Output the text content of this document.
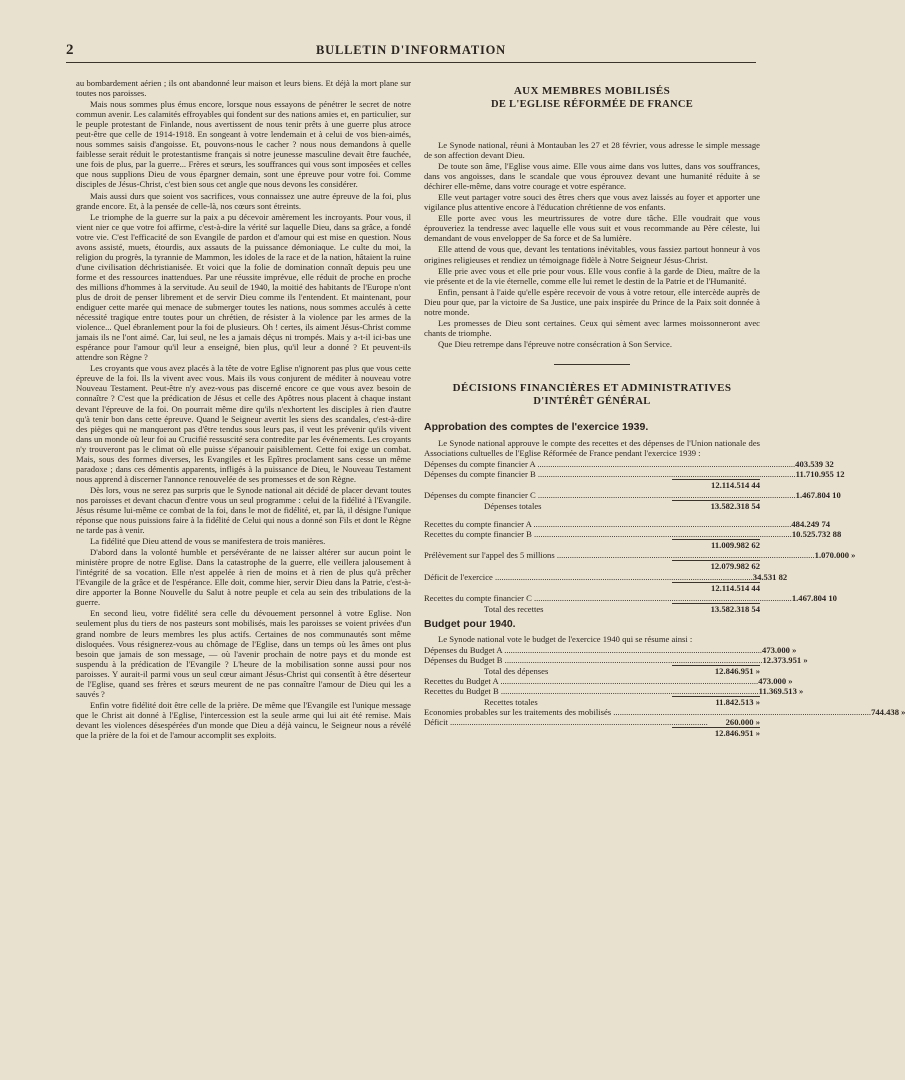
2	BULLETIN D'INFORMATION

au bombardement aérien ; ils ont abandonné leur maison et leurs biens. Et déjà la mort plane sur toutes nos paroisses.

Mais nous sommes plus émus encore, lorsque nous essayons de pénétrer le secret de notre commun avenir. Les calamités effroyables qui fondent sur des nations amies et, en particulier, sur le peuple protestant de Finlande, nous avertissent de nous tenir prêts à une guerre plus atroce peut-être que celle de 1914-1918. En songeant à votre lendemain et à celui de vos bien-aimés, nous sommes saisis d'angoisse. Et, pouvons-nous le cacher ? nous nous demandons à quelle faiblesse serait réduit le protestantisme français si notre jeunesse masculine devait être fauchée, une fois de plus, par la guerre... Frères et sœurs, les souffrances qui vous sont imposées et celles que nous supplions Dieu de vous épargner demain, sont une épreuve pour votre foi. Comme disciples de Jésus-Christ, c'est bien sous cet angle que nous devons les considérer.

Mais aussi durs que soient vos sacrifices, vous connaissez une autre épreuve de la foi, plus grande encore. Et, à la pensée de celle-là, nos cœurs sont étreints.

Le triomphe de la guerre sur la paix a pu décevoir amèrement les incroyants. Pour vous, il vient nier ce que votre foi affirme, c'est-à-dire la vérité sur laquelle Dieu, dans sa grâce, a fondé votre vie. C'est l'efficacité de son Evangile de pardon et d'amour qui est mise en question. Nous avons assisté, muets, étourdis, aux assauts de la puissance démoniaque. Le culte du moi, la religion du progrès, la tyrannie de Mammon, les idoles de la race et de la nation, hâtaient la ruine d'une civilisation déchristianisée. Et voici que la folie de domination connaît depuis peu une forme et des ressources inattendues. Par une réussite imprévue, elle réduit de proche en proche des millions d'hommes à la servitude. Au seuil de 1940, la moitié des habitants de l'Europe n'ont plus de droit de penser librement et de servir Dieu comme ils l'entendent. Et maintenant, pour endiguer cette marée qui menace de submerger toutes les nations, nous sommes acculés à cette nécessité tragique entre toutes pour un chrétien, de résister à la violence par les armes de la violence... Quel ébranlement pour la foi de plusieurs. Oh ! certes, ils aiment Jésus-Christ comme jamais ils ne l'ont aimé. Car, lui seul, ne les a jamais déçus ni trompés. Mais y a-t-il ici-bas une espérance pour l'amour qu'il leur a enseigné, bien plus, qu'il leur a donné ? Et peuvent-ils attendre son Règne ?

Les croyants que vous avez placés à la tête de votre Eglise n'ignorent pas plus que vous cette épreuve de la foi. Ils la vivent avec vous. Mais ils vous conjurent de méditer à nouveau votre Nouveau Testament. Peut-être n'y avez-vous pas discerné encore ce que vous avez besoin de connaître ? C'est que la prédication de Jésus et celle des Apôtres nous placent à chaque instant devant l'épreuve de la foi. On pourrait même dire qu'ils n'exhortent les disciples à rien d'autre qu'à tenir bon dans cette épreuve. Quand le Seigneur avertit les siens des scandales, c'est-à-dire des pièges qui ne manqueront pas d'être tendus sous leurs pas, il veut les prévenir qu'ils vivent dans un monde où leur foi au Crucifié ressuscité sera contredite par les événements. Les croyants n'y trouveront pas le climat où elle puisse s'épanouir paisiblement. Cette foi exige un combat. Mais, sous des formes diverses, les Evangiles et les Epîtres proclament sans cesse un même paradoxe ; dans ces démentis apparents, infligés à la puissance de Dieu, le Nouveau Testament nous apprend à discerner l'annonce renouvelée de ses promesses et de son Règne.

Dès lors, vous ne serez pas surpris que le Synode national ait décidé de placer devant toutes nos paroisses et devant chacun d'entre vous un seul programme : celui de la fidélité à l'Evangile. Jésus résume lui-même ce combat de la foi, dans le mot de fidélité, et, par là, il désigne l'unique réponse que nous puissions faire à la fidélité de Celui qui nous a donné son Fils et dont le Règne ne tarde pas à venir.

La fidélité que Dieu attend de vous se manifestera de trois manières.

D'abord dans la volonté humble et persévérante de ne laisser altérer sur aucun point le ministère propre de notre Eglise. Dans la catastrophe de la guerre, elle veillera jalousement à l'intégrité de sa vocation. Elle n'est appelée à rien de moins et à rien de plus qu'à prêcher l'Evangile de la grâce et de l'espérance. Elle doit, comme hier, servir Dieu dans la Patrie, c'est-à-dire apporter la Bonne Nouvelle du Salut à notre peuple et cela au sein des tribulations de la guerre.

En second lieu, votre fidélité sera celle du dévouement personnel à votre Eglise. Non seulement plus du tiers de nos pasteurs sont mobilisés, mais les paroisses se voient privées d'un grand nombre de leurs membres les plus actifs. Certaines de nos communautés sont même disloquées. Vous résignerez-vous au chômage de l'Eglise, dans un temps où les âmes ont plus besoin que jamais de son message, — où l'avenir prochain de notre pays et du monde est suspendu à la prédication de l'Evangile ? L'heure de la mobilisation sonne aussi pour nos paroisses. Y aurait-il parmi vous un seul cœur aimant Jésus-Christ qui consentît à être déserteur de l'Eglise, quand ses frères et sœurs meurent de ne pas connaître l'amour de Dieu qui les a sauvés ?

Enfin votre fidélité doit être celle de la prière. De même que l'Evangile est l'unique message que le Christ ait donné à l'Eglise, l'intercession est la seule arme qui lui ait été remise. Mais devant les violences désespérées d'un monde que Dieu a déjà vaincu, le Seigneur nous a révélé que la prière de la foi et de l'amour accomplit ses exploits.

AUX MEMBRES MOBILISÉS
DE L'EGLISE RÉFORMÉE DE FRANCE

Le Synode national, réuni à Montauban les 27 et 28 février, vous adresse le simple message de son affection devant Dieu.

De toute son âme, l'Eglise vous aime. Elle vous aime dans vos luttes, dans vos souffrances, dans vos angoisses, dans le scandale que vous éprouvez devant une humanité réduite à se déchirer elle-même, dans votre courage et votre espérance.

Elle veut partager votre souci des êtres chers que vous avez laissés au foyer et apporter une vigilance plus attentive encore à l'éducation chrétienne de vos enfants.

Elle porte avec vous les meurtrissures de votre dure tâche. Elle voudrait que vous éprouveriez la tendresse avec laquelle elle vous suit et vous recommande au Père céleste, lui demandant de vous envelopper de Sa force et de Sa lumière.

Elle attend de vous que, devant les tentations inévitables, vous fassiez partout honneur à vos origines religieuses et rendiez un témoignage fidèle à Notre Seigneur Jésus-Christ.

Elle prie avec vous et elle prie pour vous. Elle vous confie à la garde de Dieu, maître de la vie présente et de la vie éternelle, comme elle lui remet le destin de la Patrie et de l'Humanité.

Enfin, pensant à l'aide qu'elle espère recevoir de vous à votre retour, elle intercède auprès de Dieu pour que, par la victoire de Sa Justice, une paix inspirée du Prince de la Paix soit donnée à notre monde.

Les promesses de Dieu sont certaines. Ceux qui sèment avec larmes moissonneront avec chants de triomphe.

Que Dieu retrempe dans l'épreuve notre consécration à Son Service.

DÉCISIONS FINANCIÈRES ET ADMINISTRATIVES
D'INTÉRÊT GÉNÉRAL
Approbation des comptes de l'exercice 1939.

Le Synode national approuve le compte des recettes et des dépenses de l'Union nationale des Associations cultuelles de l'Eglise Réformée de France pendant l'exercice 1939 :

Dépenses du compte financier A ........................................................................................................................ 403.539 32
Dépenses du compte financier B ........................................................................................................................ 11.710.955 12
12.114.514 44
Dépenses du compte financier C ........................................................................................................................ 1.467.804 10
Dépenses totales	13.582.318 54
Recettes du compte financier A ........................................................................................................................ 484.249 74
Recettes du compte financier B ........................................................................................................................ 10.525.732 88
11.009.982 62
Prélèvement sur l'appel des 5 millions ........................................................................................................................ 1.070.000 »
12.079.982 62
Déficit de l'exercice ........................................................................................................................ 34.531 82
12.114.514 44
Recettes du compte financier C ........................................................................................................................ 1.467.804 10
Total des recettes	13.582.318 54
Budget pour 1940.

Le Synode national vote le budget de l'exercice 1940 qui se résume ainsi :

Dépenses du Budget A ........................................................................................................................ 473.000 »
Dépenses du Budget B ........................................................................................................................ 12.373.951 »
Total des dépenses	12.846.951 »
Recettes du Budget A ........................................................................................................................ 473.000 »
Recettes du Budget B ........................................................................................................................ 11.369.513 »
Recettes totales	11.842.513 »
Economies probables sur les traitements des mobilisés ........................................................................................................................ 744.438 »
Déficit ........................................................................................................................	260.000 »
12.846.951 »
